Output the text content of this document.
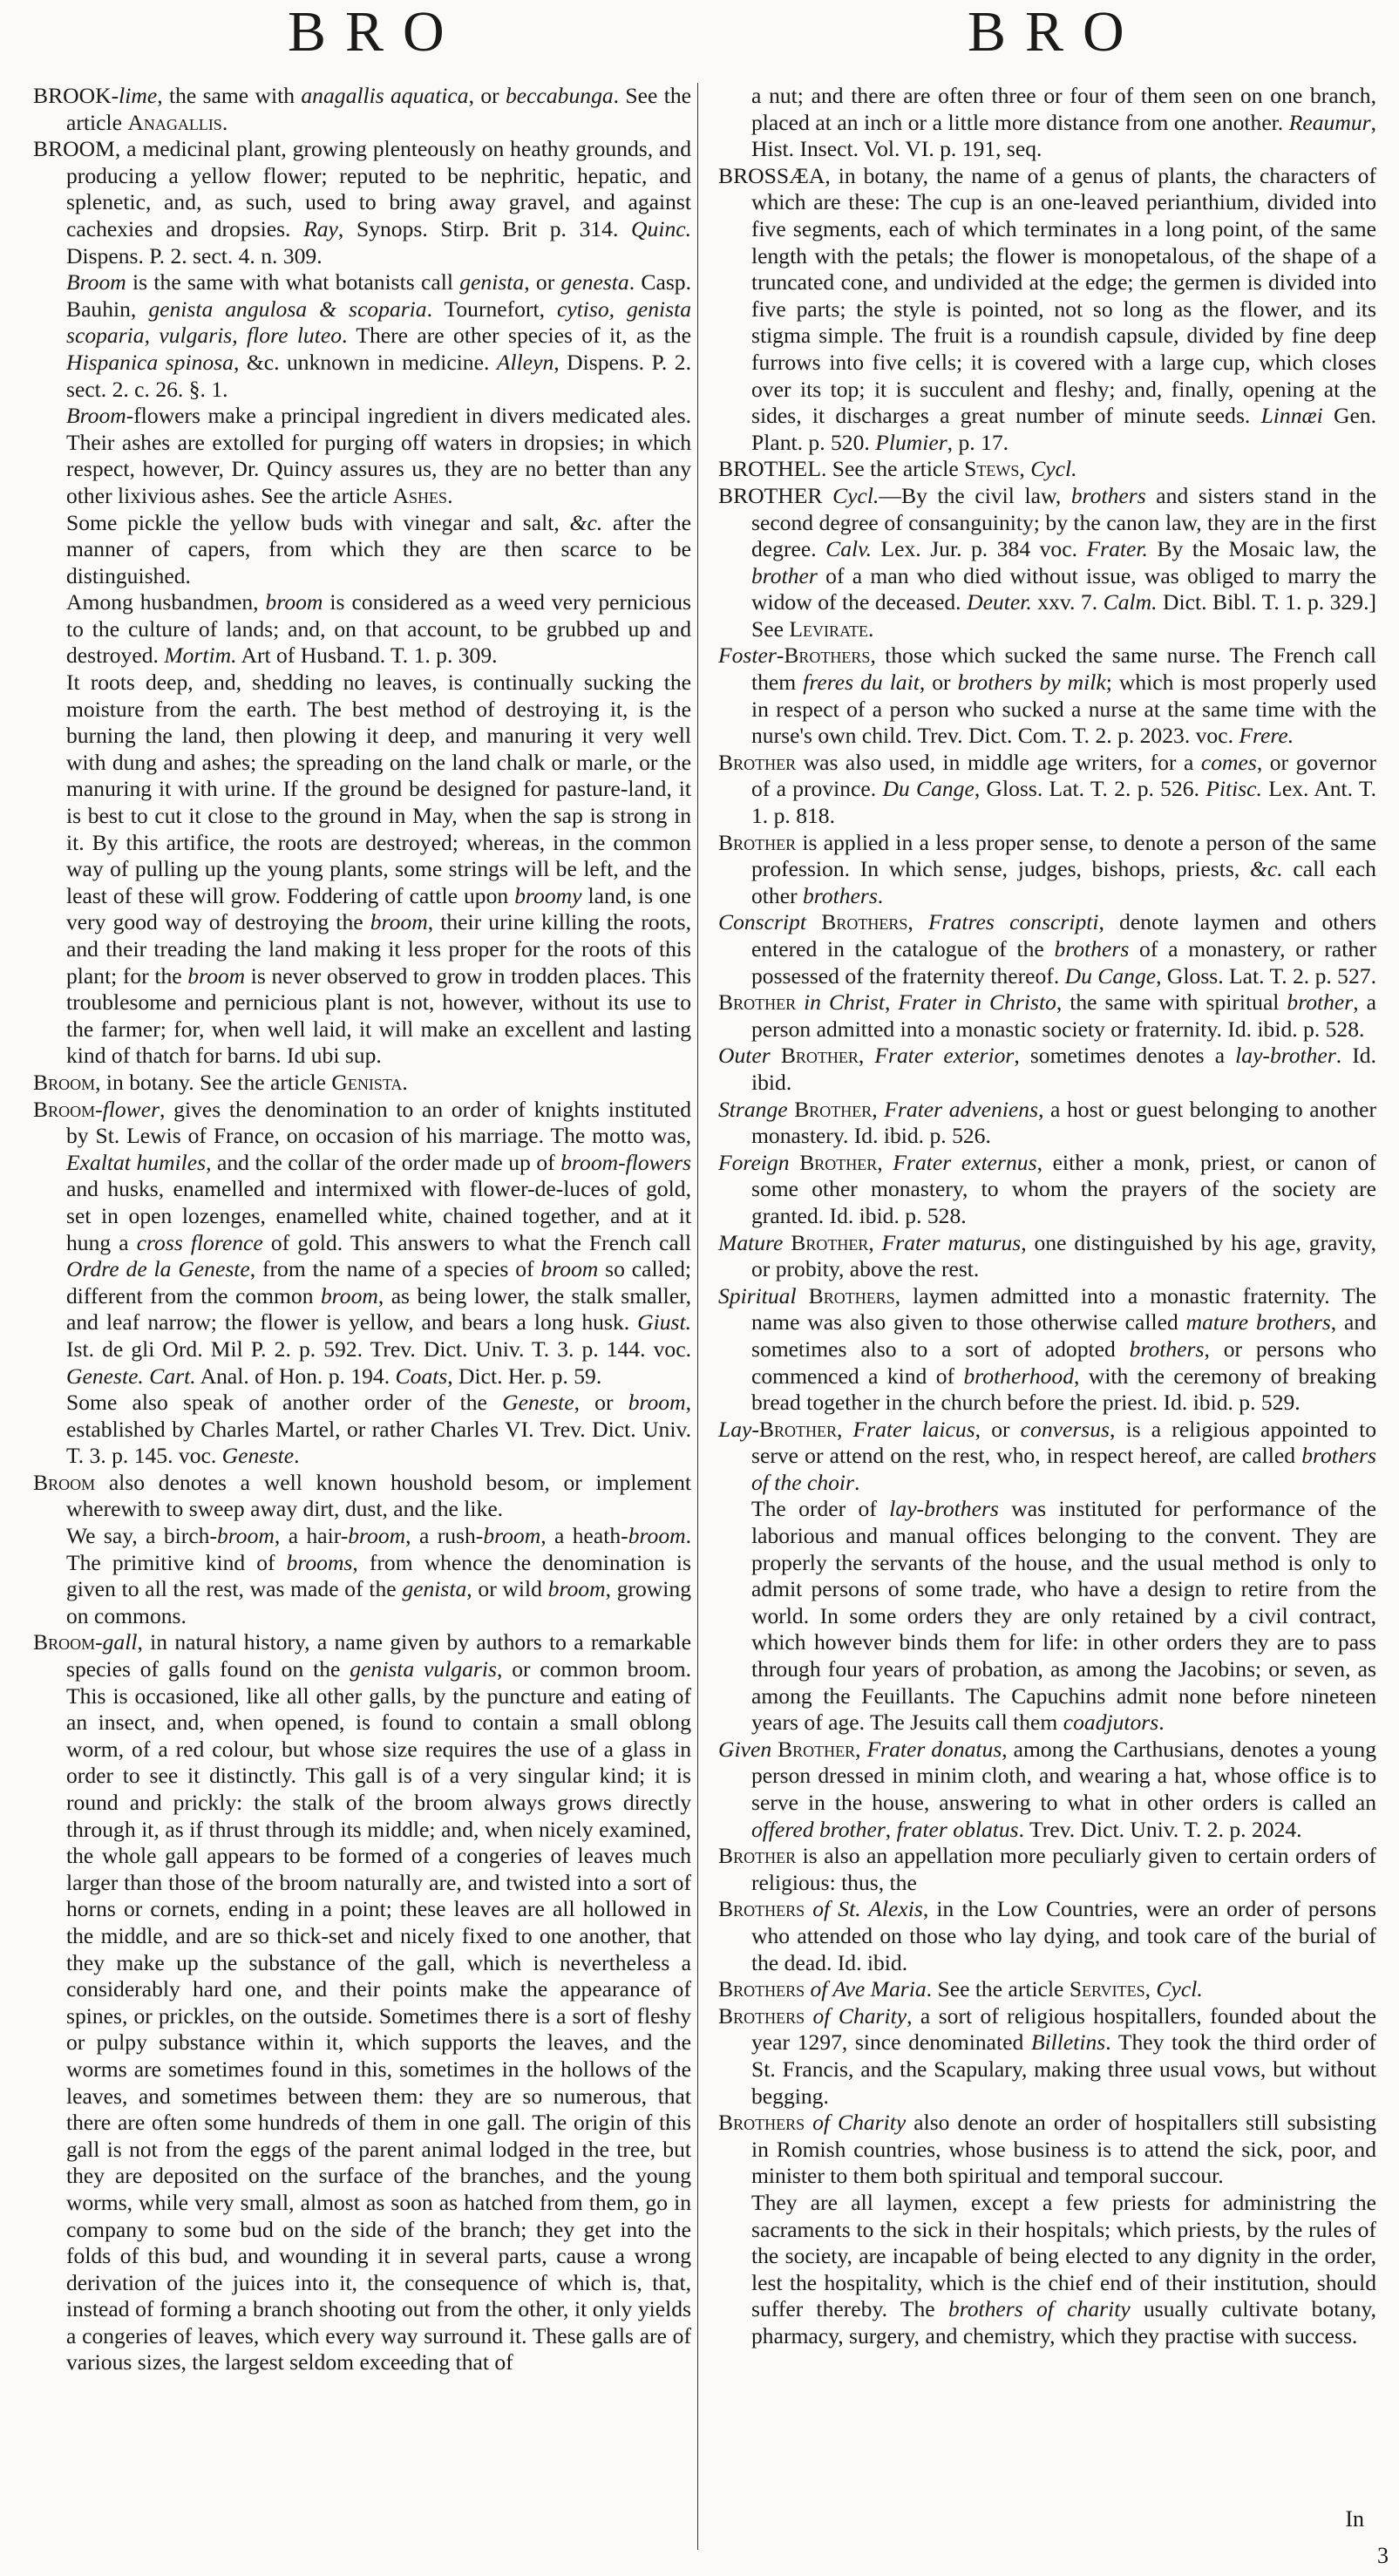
BRO	BRO

BROOK-lime, the same with anagallis aquatica, or beccabunga. See the article Anagallis.

BROOM, a medicinal plant, growing plenteously on heathy grounds, and producing a yellow flower; reputed to be nephritic, hepatic, and splenetic, and, as such, used to bring away gravel, and against cachexies and dropsies. Ray, Synops. Stirp. Brit p. 314. Quinc. Dispens. P. 2. sect. 4. n. 309.

Broom is the same with what botanists call genista, or genesta. Casp. Bauhin, genista angulosa & scoparia. Tournefort, cytiso, genista scoparia, vulgaris, flore luteo. There are other species of it, as the Hispanica spinosa, &c. unknown in medicine. Alleyn, Dispens. P. 2. sect. 2. c. 26. §. 1.

Broom-flowers make a principal ingredient in divers medicated ales. Their ashes are extolled for purging off waters in dropsies; in which respect, however, Dr. Quincy assures us, they are no better than any other lixivious ashes. See the article Ashes.

Some pickle the yellow buds with vinegar and salt, &c. after the manner of capers, from which they are then scarce to be distinguished.

Among husbandmen, broom is considered as a weed very pernicious to the culture of lands; and, on that account, to be grubbed up and destroyed. Mortim. Art of Husband. T. 1. p. 309.

It roots deep, and, shedding no leaves, is continually sucking the moisture from the earth. The best method of destroying it, is the burning the land, then plowing it deep, and manuring it very well with dung and ashes; the spreading on the land chalk or marle, or the manuring it with urine. If the ground be designed for pasture-land, it is best to cut it close to the ground in May, when the sap is strong in it. By this artifice, the roots are destroyed; whereas, in the common way of pulling up the young plants, some strings will be left, and the least of these will grow. Foddering of cattle upon broomy land, is one very good way of destroying the broom, their urine killing the roots, and their treading the land making it less proper for the roots of this plant; for the broom is never observed to grow in trodden places. This troublesome and pernicious plant is not, however, without its use to the farmer; for, when well laid, it will make an excellent and lasting kind of thatch for barns. Id ubi sup.

Broom, in botany. See the article Genista.

Broom-flower, gives the denomination to an order of knights instituted by St. Lewis of France, on occasion of his marriage. The motto was, Exaltat humiles, and the collar of the order made up of broom-flowers and husks, enamelled and intermixed with flower-de-luces of gold, set in open lozenges, enamelled white, chained together, and at it hung a cross florence of gold. This answers to what the French call Ordre de la Geneste, from the name of a species of broom so called; different from the common broom, as being lower, the stalk smaller, and leaf narrow; the flower is yellow, and bears a long husk. Giust. Ist. de gli Ord. Mil P. 2. p. 592. Trev. Dict. Univ. T. 3. p. 144. voc. Geneste. Cart. Anal. of Hon. p. 194. Coats, Dict. Her. p. 59.

Some also speak of another order of the Geneste, or broom, established by Charles Martel, or rather Charles VI. Trev. Dict. Univ. T. 3. p. 145. voc. Geneste.

Broom also denotes a well known houshold besom, or implement wherewith to sweep away dirt, dust, and the like.

We say, a birch-broom, a hair-broom, a rush-broom, a heath-broom. The primitive kind of brooms, from whence the denomination is given to all the rest, was made of the genista, or wild broom, growing on commons.

Broom-gall, in natural history, a name given by authors to a remarkable species of galls found on the genista vulgaris, or common broom. This is occasioned, like all other galls, by the puncture and eating of an insect, and, when opened, is found to contain a small oblong worm, of a red colour, but whose size requires the use of a glass in order to see it distinctly. This gall is of a very singular kind; it is round and prickly: the stalk of the broom always grows directly through it, as if thrust through its middle; and, when nicely examined, the whole gall appears to be formed of a congeries of leaves much larger than those of the broom naturally are, and twisted into a sort of horns or cornets, ending in a point; these leaves are all hollowed in the middle, and are so thick-set and nicely fixed to one another, that they make up the substance of the gall, which is nevertheless a considerably hard one, and their points make the appearance of spines, or prickles, on the outside. Sometimes there is a sort of fleshy or pulpy substance within it, which supports the leaves, and the worms are sometimes found in this, sometimes in the hollows of the leaves, and sometimes between them: they are so numerous, that there are often some hundreds of them in one gall. The origin of this gall is not from the eggs of the parent animal lodged in the tree, but they are deposited on the surface of the branches, and the young worms, while very small, almost as soon as hatched from them, go in company to some bud on the side of the branch; they get into the folds of this bud, and wounding it in several parts, cause a wrong derivation of the juices into it, the consequence of which is, that, instead of forming a branch shooting out from the other, it only yields a congeries of leaves, which every way surround it. These galls are of various sizes, the largest seldom exceeding that of

a nut; and there are often three or four of them seen on one branch, placed at an inch or a little more distance from one another. Reaumur, Hist. Insect. Vol. VI. p. 191, seq.

BROSSÆA, in botany, the name of a genus of plants, the characters of which are these: The cup is an one-leaved perianthium, divided into five segments, each of which terminates in a long point, of the same length with the petals; the flower is monopetalous, of the shape of a truncated cone, and undivided at the edge; the germen is divided into five parts; the style is pointed, not so long as the flower, and its stigma simple. The fruit is a roundish capsule, divided by fine deep furrows into five cells; it is covered with a large cup, which closes over its top; it is succulent and fleshy; and, finally, opening at the sides, it discharges a great number of minute seeds. Linnæi Gen. Plant. p. 520. Plumier, p. 17.

BROTHEL. See the article Stews, Cycl.

BROTHER Cycl.—By the civil law, brothers and sisters stand in the second degree of consanguinity; by the canon law, they are in the first degree. Calv. Lex. Jur. p. 384 voc. Frater. By the Mosaic law, the brother of a man who died without issue, was obliged to marry the widow of the deceased. Deuter. xxv. 7. Calm. Dict. Bibl. T. 1. p. 329.] See Levirate.

Foster-Brothers, those which sucked the same nurse. The French call them freres du lait, or brothers by milk; which is most properly used in respect of a person who sucked a nurse at the same time with the nurse's own child. Trev. Dict. Com. T. 2. p. 2023. voc. Frere.

Brother was also used, in middle age writers, for a comes, or governor of a province. Du Cange, Gloss. Lat. T. 2. p. 526. Pitisc. Lex. Ant. T. 1. p. 818.

Brother is applied in a less proper sense, to denote a person of the same profession. In which sense, judges, bishops, priests, &c. call each other brothers.

Conscript Brothers, Fratres conscripti, denote laymen and others entered in the catalogue of the brothers of a monastery, or rather possessed of the fraternity thereof. Du Cange, Gloss. Lat. T. 2. p. 527.

Brother in Christ, Frater in Christo, the same with spiritual brother, a person admitted into a monastic society or fraternity. Id. ibid. p. 528.

Outer Brother, Frater exterior, sometimes denotes a lay-brother. Id. ibid.

Strange Brother, Frater adveniens, a host or guest belonging to another monastery. Id. ibid. p. 526.

Foreign Brother, Frater externus, either a monk, priest, or canon of some other monastery, to whom the prayers of the society are granted. Id. ibid. p. 528.

Mature Brother, Frater maturus, one distinguished by his age, gravity, or probity, above the rest.

Spiritual Brothers, laymen admitted into a monastic fraternity. The name was also given to those otherwise called mature brothers, and sometimes also to a sort of adopted brothers, or persons who commenced a kind of brotherhood, with the ceremony of breaking bread together in the church before the priest. Id. ibid. p. 529.

Lay-Brother, Frater laicus, or conversus, is a religious appointed to serve or attend on the rest, who, in respect hereof, are called brothers of the choir.

The order of lay-brothers was instituted for performance of the laborious and manual offices belonging to the convent. They are properly the servants of the house, and the usual method is only to admit persons of some trade, who have a design to retire from the world. In some orders they are only retained by a civil contract, which however binds them for life: in other orders they are to pass through four years of probation, as among the Jacobins; or seven, as among the Feuillants. The Capuchins admit none before nineteen years of age. The Jesuits call them coadjutors.

Given Brother, Frater donatus, among the Carthusians, denotes a young person dressed in minim cloth, and wearing a hat, whose office is to serve in the house, answering to what in other orders is called an offered brother, frater oblatus. Trev. Dict. Univ. T. 2. p. 2024.

Brother is also an appellation more peculiarly given to certain orders of religious: thus, the

Brothers of St. Alexis, in the Low Countries, were an order of persons who attended on those who lay dying, and took care of the burial of the dead. Id. ibid.

Brothers of Ave Maria. See the article Servites, Cycl.

Brothers of Charity, a sort of religious hospitallers, founded about the year 1297, since denominated Billetins. They took the third order of St. Francis, and the Scapulary, making three usual vows, but without begging.

Brothers of Charity also denote an order of hospitallers still subsisting in Romish countries, whose business is to attend the sick, poor, and minister to them both spiritual and temporal succour.

They are all laymen, except a few priests for administring the sacraments to the sick in their hospitals; which priests, by the rules of the society, are incapable of being elected to any dignity in the order, lest the hospitality, which is the chief end of their institution, should suffer thereby. The brothers of charity usually cultivate botany, pharmacy, surgery, and chemistry, which they practise with success.

In
3
